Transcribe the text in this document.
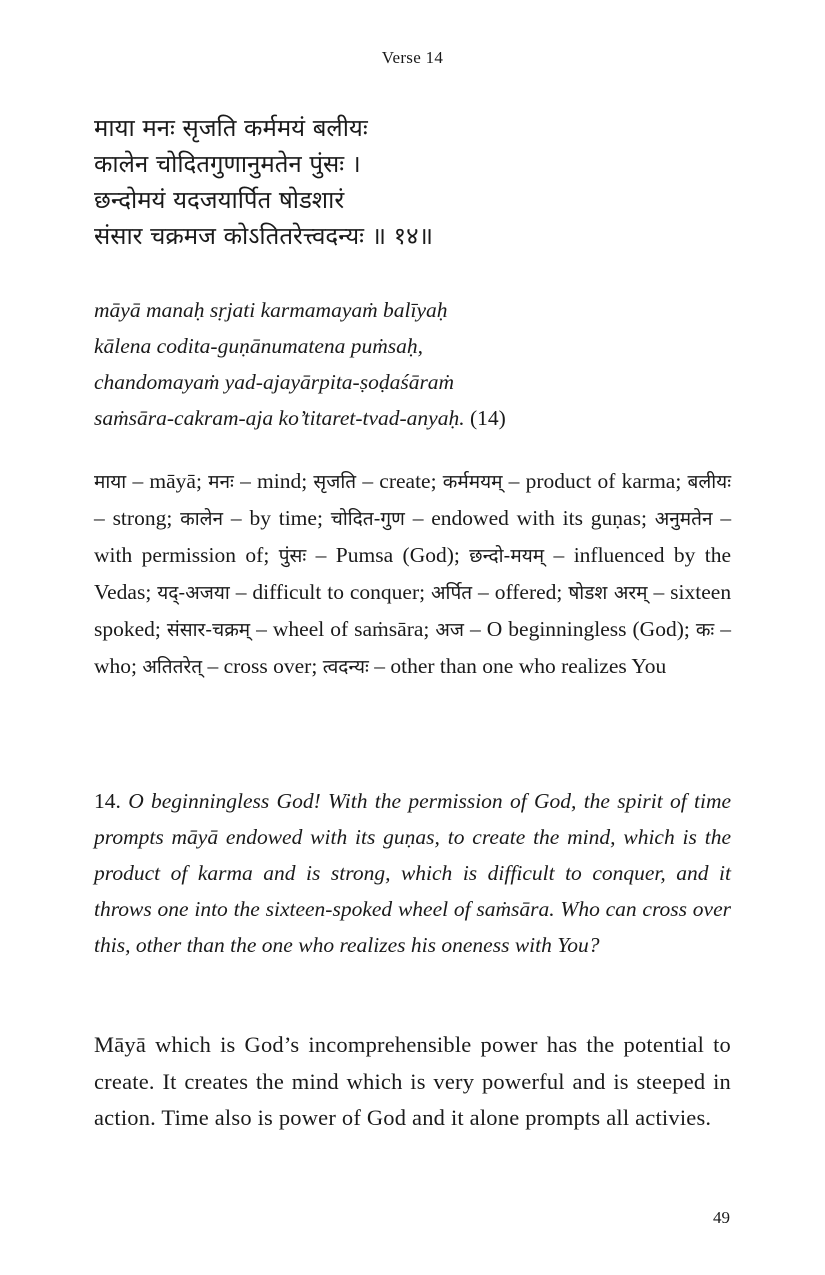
Verse 14
माया मनः सृजति कर्ममयं बलीयः
कालेन चोदितगुणानुमतेन पुंसः ।
छन्दोमयं यदजयार्पित षोडशारं
संसार चक्रमज कोऽतितरेत्त्वदन्यः ॥ १४॥
māyā manaḥ sṛjati karmamayaṁ balīyaḥ
kālena codita-guṇānumatena puṁsaḥ,
chandomayaṁ yad-ajayārpita-ṣoḍaśāraṁ
saṁsāra-cakram-aja ko’titaret-tvad-anyaḥ. (14)
माया – māyā; मनः – mind; सृजति – create; कर्ममयम् – product of karma; बलीयः – strong; कालेन – by time; चोदित-गुण – endowed with its guṇas; अनुमतेन – with permission of; पुंसः – Pumsa (God); छन्दो-मयम् – influenced by the Vedas; यद्-अजया – difficult to conquer; अर्पित – offered; षोडश अरम् – sixteen spoked; संसार-चक्रम् – wheel of saṁsāra; अज – O beginningless (God); कः – who; अतितरेत् – cross over; त्वदन्यः – other than one who realizes You
14. O beginningless God! With the permission of God, the spirit of time prompts māyā endowed with its guṇas, to create the mind, which is the product of karma and is strong, which is difficult to conquer, and it throws one into the sixteen-spoked wheel of saṁsāra. Who can cross over this, other than the one who realizes his oneness with You?
Māyā which is God’s incomprehensible power has the potential to create. It creates the mind which is very powerful and is steeped in action. Time also is power of God and it alone prompts all activies.
49
